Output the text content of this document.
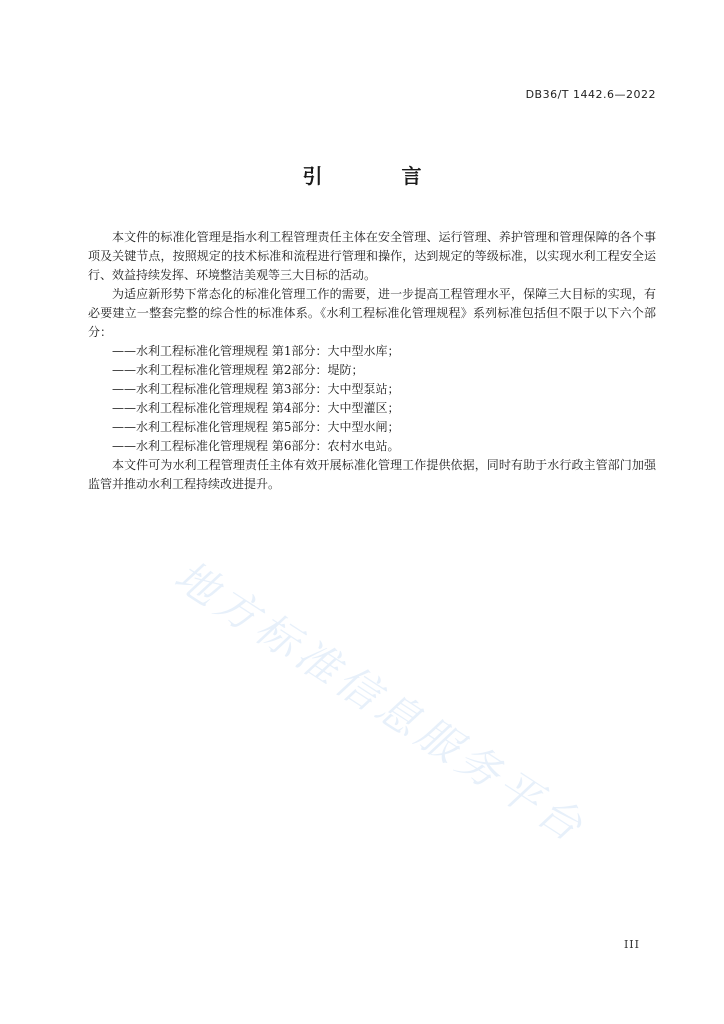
DB36/T 1442.6—2022
引 言

本文件的标准化管理是指水利工程管理责任主体在安全管理、运行管理、养护管理和管理保障的各个事项及关键节点，按照规定的技术标准和流程进行管理和操作，达到规定的等级标准，以实现水利工程安全运行、效益持续发挥、环境整洁美观等三大目标的活动。

为适应新形势下常态化的标准化管理工作的需要，进一步提高工程管理水平，保障三大目标的实现，有必要建立一整套完整的综合性的标准体系。《水利工程标准化管理规程》系列标准包括但不限于以下六个部分：

——水利工程标准化管理规程 第1部分：大中型水库；

——水利工程标准化管理规程 第2部分：堤防；

——水利工程标准化管理规程 第3部分：大中型泵站；

——水利工程标准化管理规程 第4部分：大中型灌区；

——水利工程标准化管理规程 第5部分：大中型水闸；

——水利工程标准化管理规程 第6部分：农村水电站。

本文件可为水利工程管理责任主体有效开展标准化管理工作提供依据，同时有助于水行政主管部门加强监管并推动水利工程持续改进提升。

地方标准信息服务平台
III
